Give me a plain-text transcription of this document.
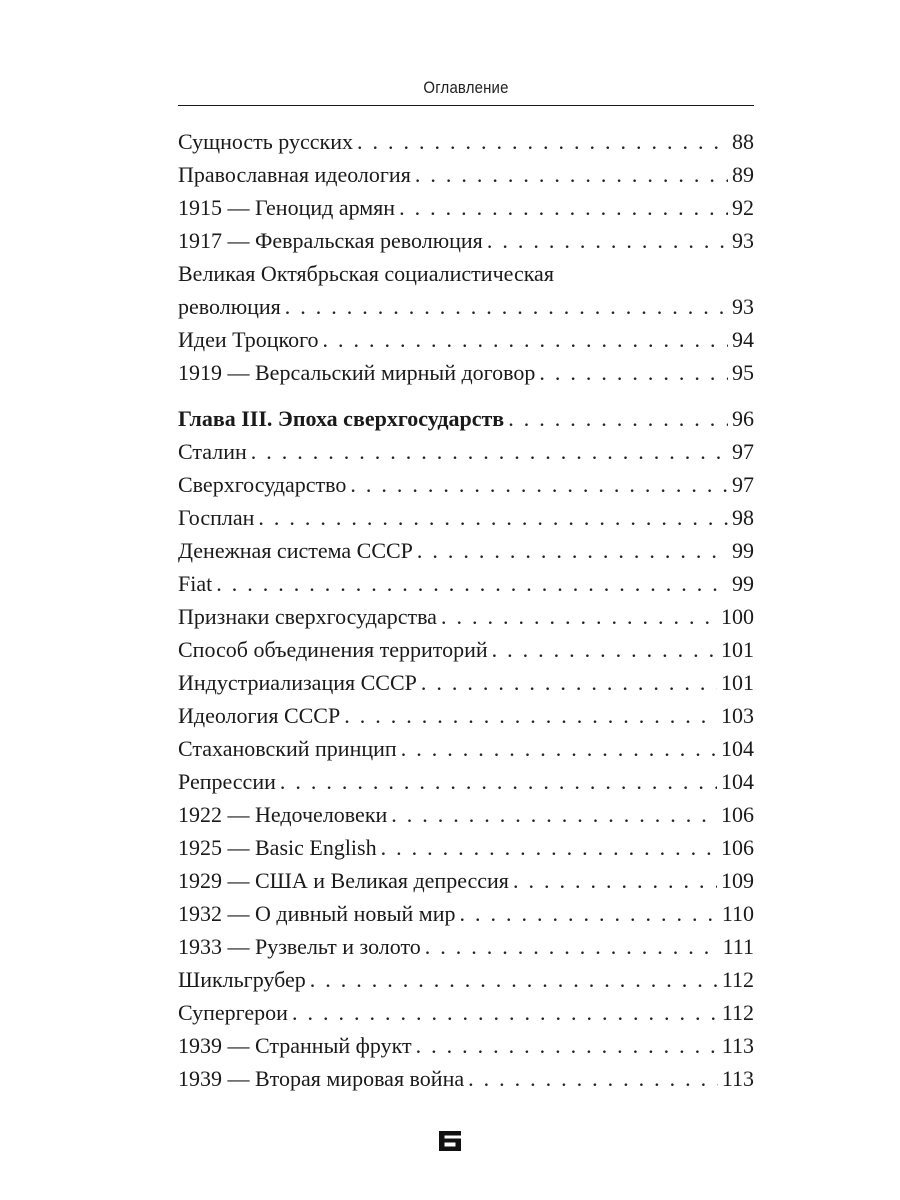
Оглавление
Сущность русских . . .	88
Православная идеология . . .	89
1915 — Геноцид армян . . .	92
1917 — Февральская революция . . .	93
Великая Октябрьская социалистическая
революция . . .	93
Идеи Троцкого . . .	94
1919 — Версальский мирный договор . . .	95
Глава III. Эпоха сверхгосударств . . .	96
Сталин . . .	97
Сверхгосударство . . .	97
Госплан . . .	98
Денежная система СССР . . .	99
Fiat . . .	99
Признаки сверхгосударства . . .	100
Способ объединения территорий . . .	101
Индустриализация СССР . . .	101
Идеология СССР . . .	103
Стахановский принцип . . .	104
Репрессии . . .	104
1922 — Недочеловеки . . .	106
1925 — Basic English . . .	106
1929 — США и Великая депрессия . . .	109
1932 — О дивный новый мир . . .	110
1933 — Рузвельт и золото . . .	111
Шикльгрубер . . .	112
Супергерои . . .	112
1939 — Странный фрукт . . .	113
1939 — Вторая мировая война . . .	113
